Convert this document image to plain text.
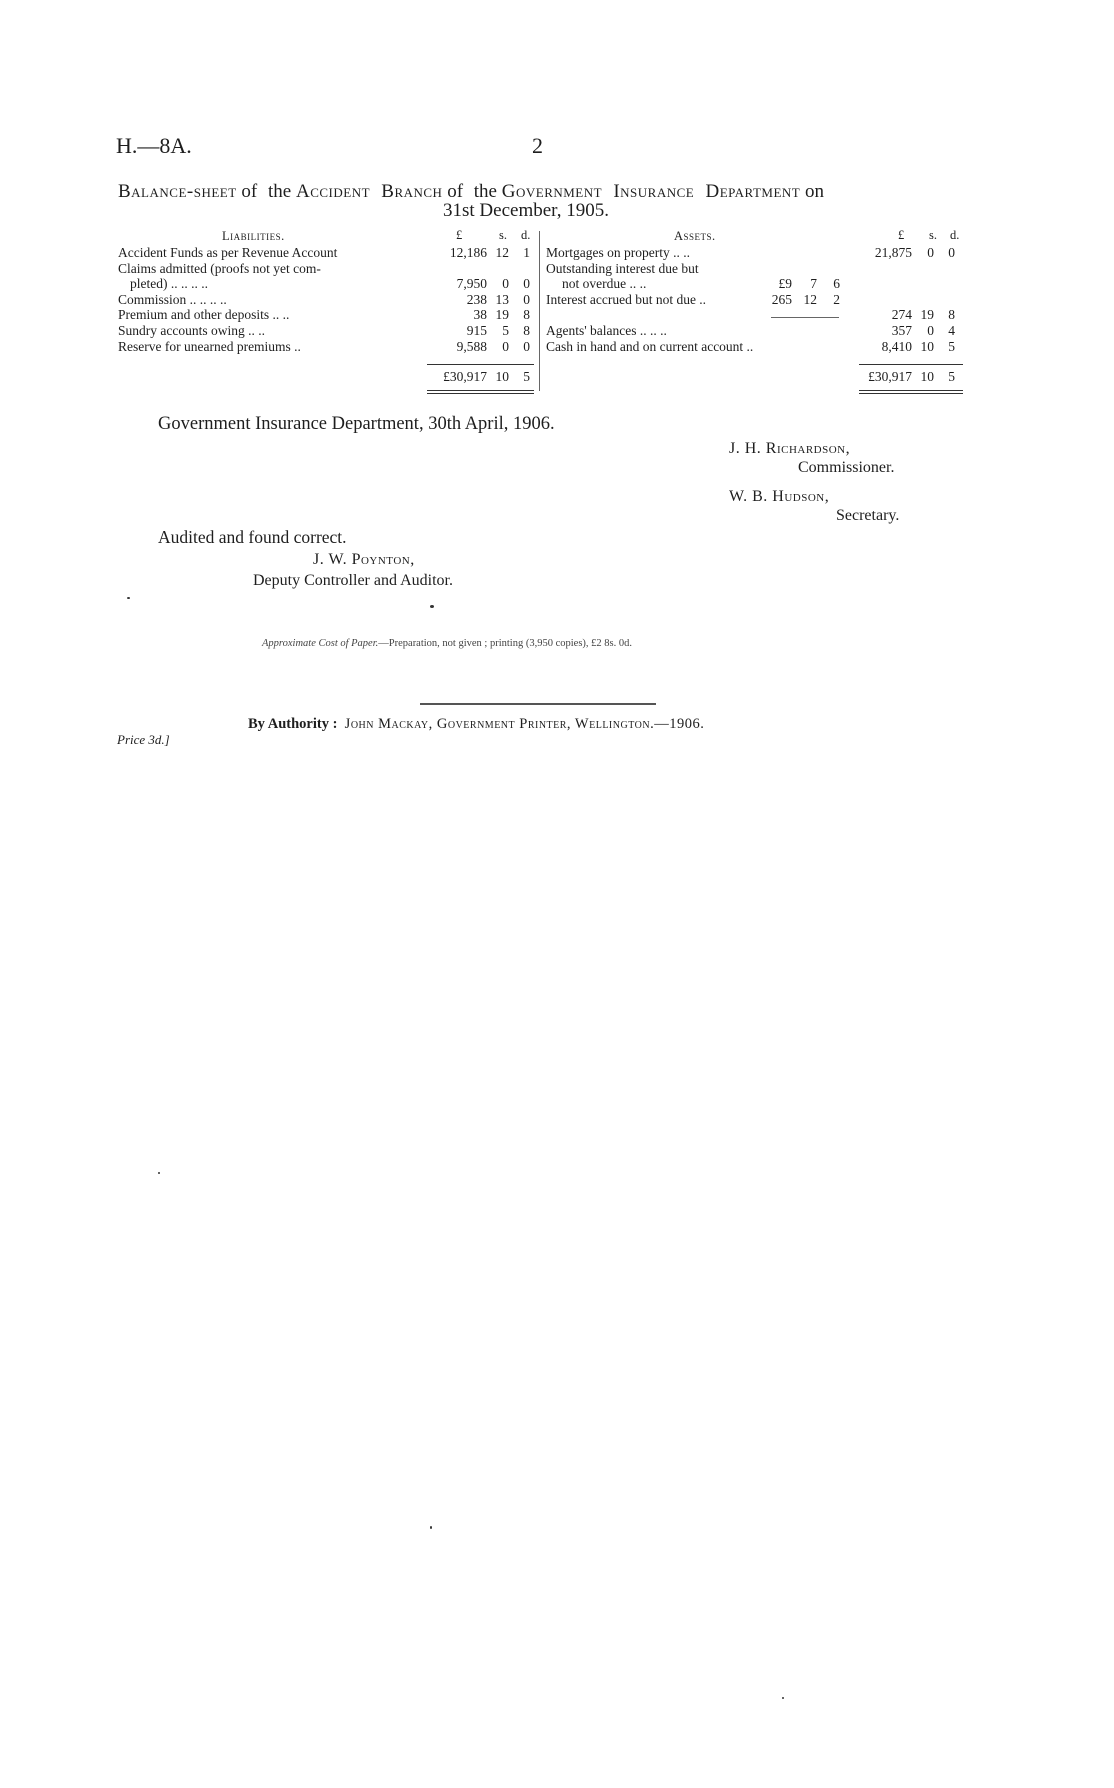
H.—8A.	2
Balance-sheet of the Accident Branch of the Government Insurance Department on
31st December, 1905.
Liabilities.	£	s. d.	Assets.	£ s. d.
Accident Funds as per Revenue Account	12,186 12	1
Claims admitted (proofs not yet com-
pleted) .. .. .. ..	7,950	0	0
Commission .. .. .. ..	238 13	0
Premium and other deposits .. ..	38 19	8
Sundry accounts owing .. ..	915	5	8
Reserve for unearned premiums ..	9,588	0	0
Mortgages on property .. ..	21,875	0	0
Outstanding interest due but
not overdue .. ..	£9	7	6
Interest accrued but not due ..	265 12	2
274 19	8
Agents' balances .. .. ..	357	0	4
Cash in hand and on current account ..	8,410 10	5
£30,917 10	5	£30,917 10	5
Government Insurance Department, 30th April, 1906.
J. H. Richardson,
Commissioner.
W. B. Hudson,
Secretary.
Audited and found correct.
J. W. Poynton,
Deputy Controller and Auditor.
Approximate Cost of Paper.—Preparation, not given ; printing (3,950 copies), £2 8s. 0d.
By Authority : John Mackay, Government Printer, Wellington.—1906.
Price 3d.]
